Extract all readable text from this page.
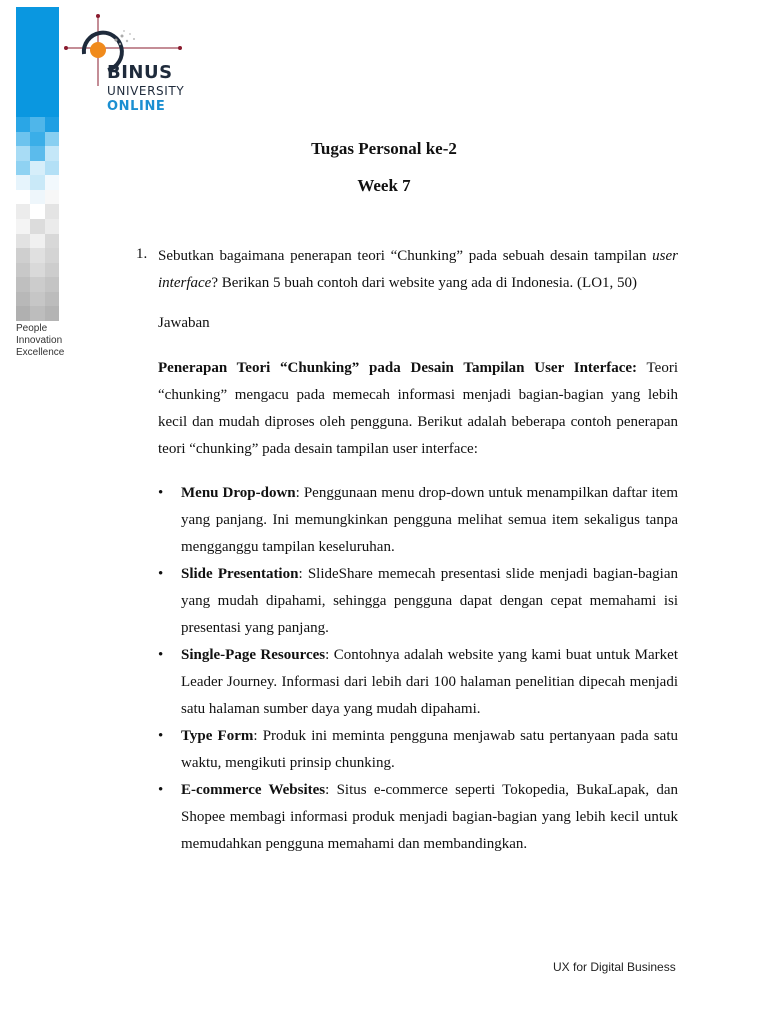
People
Innovation
Excellence
BINUS
UNIVERSITY
ONLINE
Tugas Personal ke-2
Week 7
1. Sebutkan bagaimana penerapan teori “Chunking” pada sebuah desain tampilan user interface? Berikan 5 buah contoh dari website yang ada di Indonesia. (LO1, 50)
Jawaban
Penerapan Teori “Chunking” pada Desain Tampilan User Interface: Teori “chunking” mengacu pada memecah informasi menjadi bagian-bagian yang lebih kecil dan mudah diproses oleh pengguna. Berikut adalah beberapa contoh penerapan teori “chunking” pada desain tampilan user interface:
• Menu Drop-down: Penggunaan menu drop-down untuk menampilkan daftar item yang panjang. Ini memungkinkan pengguna melihat semua item sekaligus tanpa mengganggu tampilan keseluruhan.
• Slide Presentation: SlideShare memecah presentasi slide menjadi bagian-bagian yang mudah dipahami, sehingga pengguna dapat dengan cepat memahami isi presentasi yang panjang.
• Single-Page Resources: Contohnya adalah website yang kami buat untuk Market Leader Journey. Informasi dari lebih dari 100 halaman penelitian dipecah menjadi satu halaman sumber daya yang mudah dipahami.
• Type Form: Produk ini meminta pengguna menjawab satu pertanyaan pada satu waktu, mengikuti prinsip chunking.
• E-commerce Websites: Situs e-commerce seperti Tokopedia, BukaLapak, dan Shopee membagi informasi produk menjadi bagian-bagian yang lebih kecil untuk memudahkan pengguna memahami dan membandingkan.
UX for Digital Business
